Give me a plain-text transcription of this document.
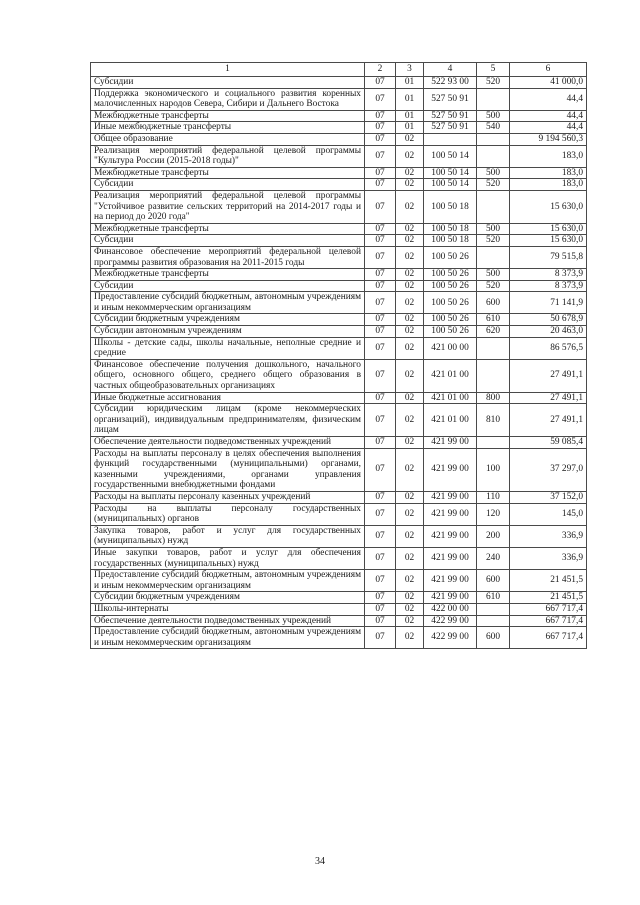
1	2	3	4	5	6
Субсидии	07	01	522 93 00	520	41 000,0
Поддержка экономического и социального развития коренных малочисленных народов Севера, Сибири и Дальнего Востока	07	01	527 50 91		44,4
Межбюджетные трансферты	07	01	527 50 91	500	44,4
Иные межбюджетные трансферты	07	01	527 50 91	540	44,4
Общее образование	07	02			9 194 560,3
Реализация мероприятий федеральной целевой программы "Культура России (2015-2018 годы)"	07	02	100 50 14		183,0
Межбюджетные трансферты	07	02	100 50 14	500	183,0
Субсидии	07	02	100 50 14	520	183,0
Реализация мероприятий федеральной целевой программы "Устойчивое развитие сельских территорий на 2014-2017 годы и на период до 2020 года"	07	02	100 50 18		15 630,0
Межбюджетные трансферты	07	02	100 50 18	500	15 630,0
Субсидии	07	02	100 50 18	520	15 630,0
Финансовое обеспечение мероприятий федеральной целевой программы развития образования на 2011-2015 годы	07	02	100 50 26		79 515,8
Межбюджетные трансферты	07	02	100 50 26	500	8 373,9
Субсидии	07	02	100 50 26	520	8 373,9
Предоставление субсидий бюджетным, автономным учреждениям и иным некоммерческим организациям	07	02	100 50 26	600	71 141,9
Субсидии бюджетным учреждениям	07	02	100 50 26	610	50 678,9
Субсидии автономным учреждениям	07	02	100 50 26	620	20 463,0
Школы - детские сады, школы начальные, неполные средние и средние	07	02	421 00 00		86 576,5
Финансовое обеспечение получения дошкольного, начального общего, основного общего, среднего общего образования в частных общеобразовательных организациях	07	02	421 01 00		27 491,1
Иные бюджетные ассигнования	07	02	421 01 00	800	27 491,1
Субсидии юридическим лицам (кроме некоммерческих организаций), индивидуальным предпринимателям, физическим лицам	07	02	421 01 00	810	27 491,1
Обеспечение деятельности подведомственных учреждений	07	02	421 99 00		59 085,4
Расходы на выплаты персоналу в целях обеспечения выполнения функций государственными (муниципальными) органами, казенными учреждениями, органами управления государственными внебюджетными фондами	07	02	421 99 00	100	37 297,0
Расходы на выплаты персоналу казенных учреждений	07	02	421 99 00	110	37 152,0
Расходы на выплаты персоналу государственных (муниципальных) органов	07	02	421 99 00	120	145,0
Закупка товаров, работ и услуг для государственных (муниципальных) нужд	07	02	421 99 00	200	336,9
Иные закупки товаров, работ и услуг для обеспечения государственных (муниципальных) нужд	07	02	421 99 00	240	336,9
Предоставление субсидий бюджетным, автономным учреждениям и иным некоммерческим организациям	07	02	421 99 00	600	21 451,5
Субсидии бюджетным учреждениям	07	02	421 99 00	610	21 451,5
Школы-интернаты	07	02	422 00 00		667 717,4
Обеспечение деятельности подведомственных учреждений	07	02	422 99 00		667 717,4
Предоставление субсидий бюджетным, автономным учреждениям и иным некоммерческим организациям	07	02	422 99 00	600	667 717,4
34
